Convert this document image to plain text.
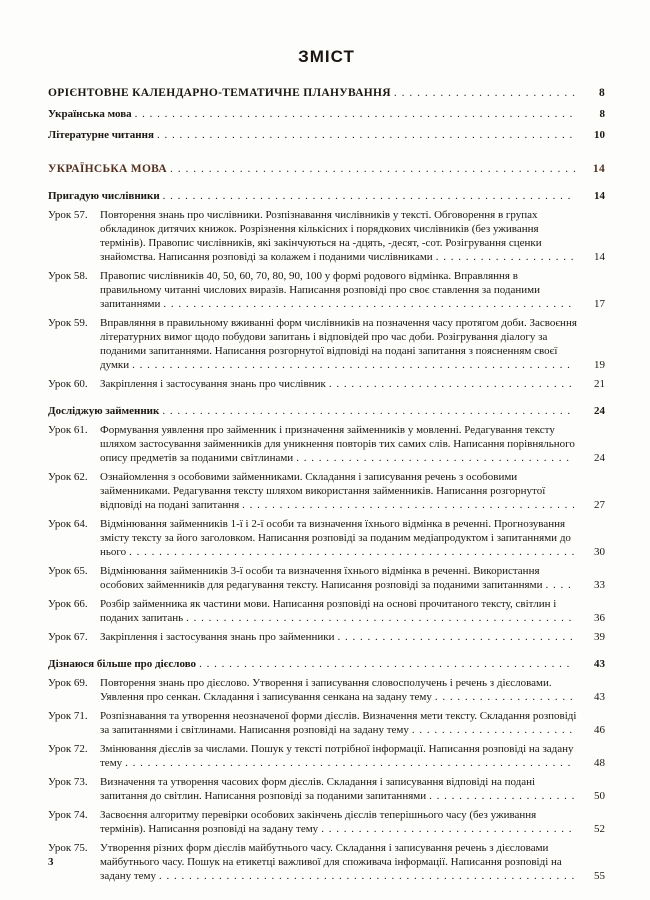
ЗМІСТ
ОРІЄНТОВНЕ КАЛЕНДАРНО-ТЕМАТИЧНЕ ПЛАНУВАННЯ . . . . . . . . . . . . . . . . . . . . . . . .	8
Українська мова . . . . . . . . . . . . . . . . . . . . . . . . . . . . . . . . . . . . . . . . . . . . . . . . . . . . . . . . . . .	8
Літературне читання . . . . . . . . . . . . . . . . . . . . . . . . . . . . . . . . . . . . . . . . . . . . . . . . . . . . . . . .	10
УКРАЇНСЬКА МОВА . . . . . . . . . . . . . . . . . . . . . . . . . . . . . . . . . . . . . . . . . . . . . . . . . . . . .	14
Пригадую числівники . . . . . . . . . . . . . . . . . . . . . . . . . . . . . . . . . . . . . . . . . . . . . . . . . . . . . . .	14
Урок 57.	Повторення знань про числівники. Розпізнавання числівників у тексті. Обговорення в групах обкладинок дитячих книжок. Розрізнення кількісних і порядкових числівників (без уживання термінів). Правопис числівників, які закінчуються на -дцять, -десят, -сот. Розігрування сценки знайомства. Написання розповіді за колажем і поданими числівниками . . . . . . . . . . . . . . . . . . .	14
Урок 58.	Правопис числівників 40, 50, 60, 70, 80, 90, 100 у формі родового відмінка. Вправляння в правильному читанні числових виразів. Написання розповіді про своє ставлення за поданими запитаннями . . . . . . . . . . . . . . . . . . . . . . . . . . . . . . . . . . . . . . . . . . . . . . . . . . . . . . .	17
Урок 59.	Вправляння в правильному вживанні форм числівників на позначення часу протягом доби. Засвоєння літературних вимог щодо побудови запитань і відповідей про час доби. Розігрування діалогу за поданими запитаннями. Написання розгорнутої відповіді на подані запитання з поясненням своєї думки . . . . . . . . . . . . . . . . . . . . . . . . . . . . . . . . . . . . . . . . . . . . . . . . . . . . . . . . . . .	19
Урок 60.	Закріплення і застосування знань про числівник . . . . . . . . . . . . . . . . . . . . . . . . . . . . . . . . .	21
Досліджую займенник . . . . . . . . . . . . . . . . . . . . . . . . . . . . . . . . . . . . . . . . . . . . . . . . . . . . . . .	24
Урок 61.	Формування уявлення про займенник і призначення займенників у мовленні. Редагування тексту шляхом застосування займенників для уникнення повторів тих самих слів. Написання порівняльного опису предметів за поданими світлинами . . . . . . . . . . . . . . . . . . . . . . . . . . . . . . . . . . . . .	24
Урок 62.	Ознайомлення з особовими займенниками. Складання і записування речень з особовими займенниками. Редагування тексту шляхом використання займенників. Написання розгорнутої відповіді на подані запитання . . . . . . . . . . . . . . . . . . . . . . . . . . . . . . . . . . . . . . . . . . . . .	27
Урок 64.	Відмінювання займенників 1-ї і 2-ї особи та визначення їхнього відмінка в реченні. Прогнозування змісту тексту за його заголовком. Написання розповіді за поданим медіапродуктом і запитаннями до нього . . . . . . . . . . . . . . . . . . . . . . . . . . . . . . . . . . . . . . . . . . . . . . . . . . . . . . . . . . . .	30
Урок 65.	Відмінювання займенників 3-ї особи та визначення їхнього відмінка в реченні. Використання особових займенників для редагування тексту. Написання розповіді за поданими запитаннями . . . .	33
Урок 66.	Розбір займенника як частини мови. Написання розповіді на основі прочитаного тексту, світлин і поданих запитань . . . . . . . . . . . . . . . . . . . . . . . . . . . . . . . . . . . . . . . . . . . . . . . . . . . .	36
Урок 67.	Закріплення і застосування знань про займенники . . . . . . . . . . . . . . . . . . . . . . . . . . . . . . . .	39
Дізнаюся більше про дієслово . . . . . . . . . . . . . . . . . . . . . . . . . . . . . . . . . . . . . . . . . . . . . . . . . .	43
Урок 69.	Повторення знань про дієслово. Утворення і записування словосполучень і речень з дієсловами. Уявлення про сенкан. Складання і записування сенкана на задану тему . . . . . . . . . . . . . . . . . . .	43
Урок 71.	Розпізнавання та утворення неозначеної форми дієслів. Визначення мети тексту. Складання розповіді за запитаннями і світлинами. Написання розповіді на задану тему . . . . . . . . . . . . . . . . . . . . . .	46
Урок 72.	Змінювання дієслів за числами. Пошук у тексті потрібної інформації. Написання розповіді на задану тему . . . . . . . . . . . . . . . . . . . . . . . . . . . . . . . . . . . . . . . . . . . . . . . . . . . . . . . . . . . .	48
Урок 73.	Визначення та утворення часових форм дієслів. Складання і записування відповіді на подані запитання до світлин. Написання розповіді за поданими запитаннями . . . . . . . . . . . . . . . . . . . .	50
Урок 74.	Засвоєння алгоритму перевірки особових закінчень дієслів теперішнього часу (без уживання термінів). Написання розповіді на задану тему . . . . . . . . . . . . . . . . . . . . . . . . . . . . . . . . . .	52
Урок 75.	Утворення різних форм дієслів майбутнього часу. Складання і записування речень з дієсловами майбутнього часу. Пошук на етикетці важливої для споживача інформації. Написання розповіді на задану тему . . . . . . . . . . . . . . . . . . . . . . . . . . . . . . . . . . . . . . . . . . . . . . . . . . . . . . . .	55
3
